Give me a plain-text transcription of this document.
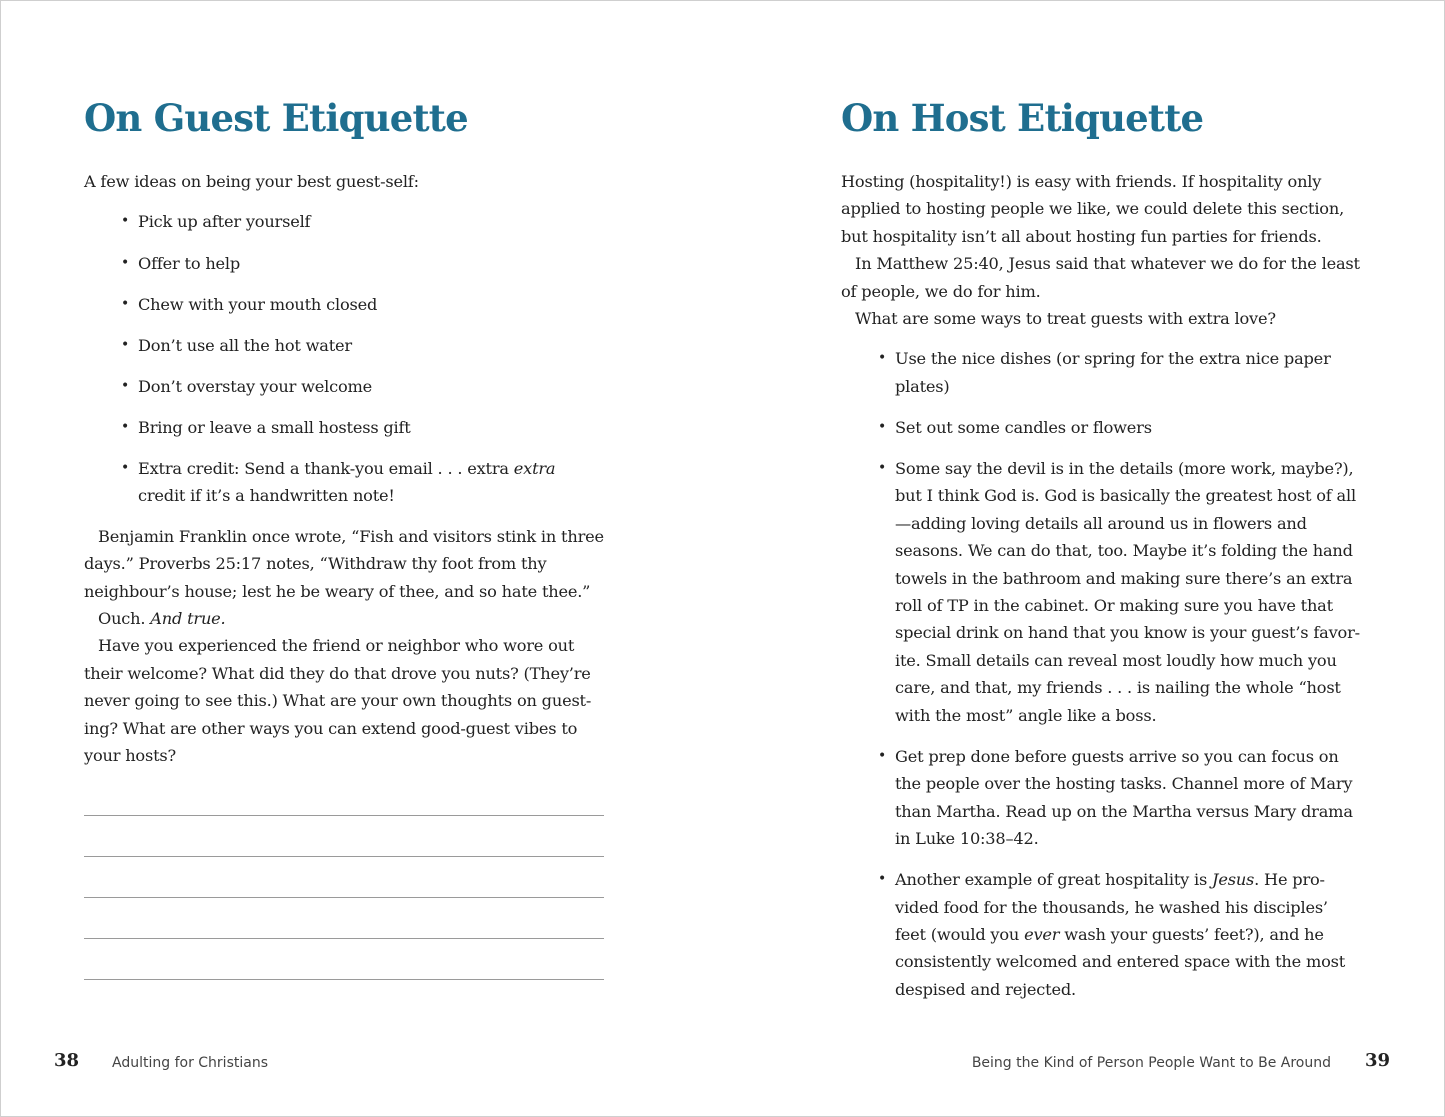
On Guest Etiquette

A few ideas on being your best guest-self:

• Pick up after yourself
• Offer to help
• Chew with your mouth closed
• Don’t use all the hot water
• Don’t overstay your welcome
• Bring or leave a small hostess gift
• Extra credit: Send a thank-you email . . . extra extra credit if it’s a handwritten note!

Benjamin Franklin once wrote, “Fish and visitors stink in three days.” Proverbs 25:17 notes, “Withdraw thy foot from thy neighbour’s house; lest he be weary of thee, and so hate thee.”

Ouch. And true.

Have you experienced the friend or neighbor who wore out their welcome? What did they do that drove you nuts? (They’re never going to see this.) What are your own thoughts on guest-ing? What are other ways you can extend good-guest vibes to your hosts?

38 Adulting for Christians
On Host Etiquette

Hosting (hospitality!) is easy with friends. If hospitality only applied to hosting people we like, we could delete this section, but hospitality isn’t all about hosting fun parties for friends.

In Matthew 25:40, Jesus said that whatever we do for the least of people, we do for him.

What are some ways to treat guests with extra love?

• Use the nice dishes (or spring for the extra nice paper plates)
• Set out some candles or flowers
• Some say the devil is in the details (more work, maybe?), but I think God is. God is basically the greatest host of all—adding loving details all around us in flowers and seasons. We can do that, too. Maybe it’s folding the hand towels in the bathroom and making sure there’s an extra roll of TP in the cabinet. Or making sure you have that special drink on hand that you know is your guest’s favor-ite. Small details can reveal most loudly how much you care, and that, my friends . . . is nailing the whole “host with the most” angle like a boss.
• Get prep done before guests arrive so you can focus on the people over the hosting tasks. Channel more of Mary than Martha. Read up on the Martha versus Mary drama in Luke 10:38–42.
• Another example of great hospitality is Jesus. He pro-vided food for the thousands, he washed his disciples’ feet (would you ever wash your guests’ feet?), and he consistently welcomed and entered space with the most despised and rejected.
Being the Kind of Person People Want to Be Around 39
